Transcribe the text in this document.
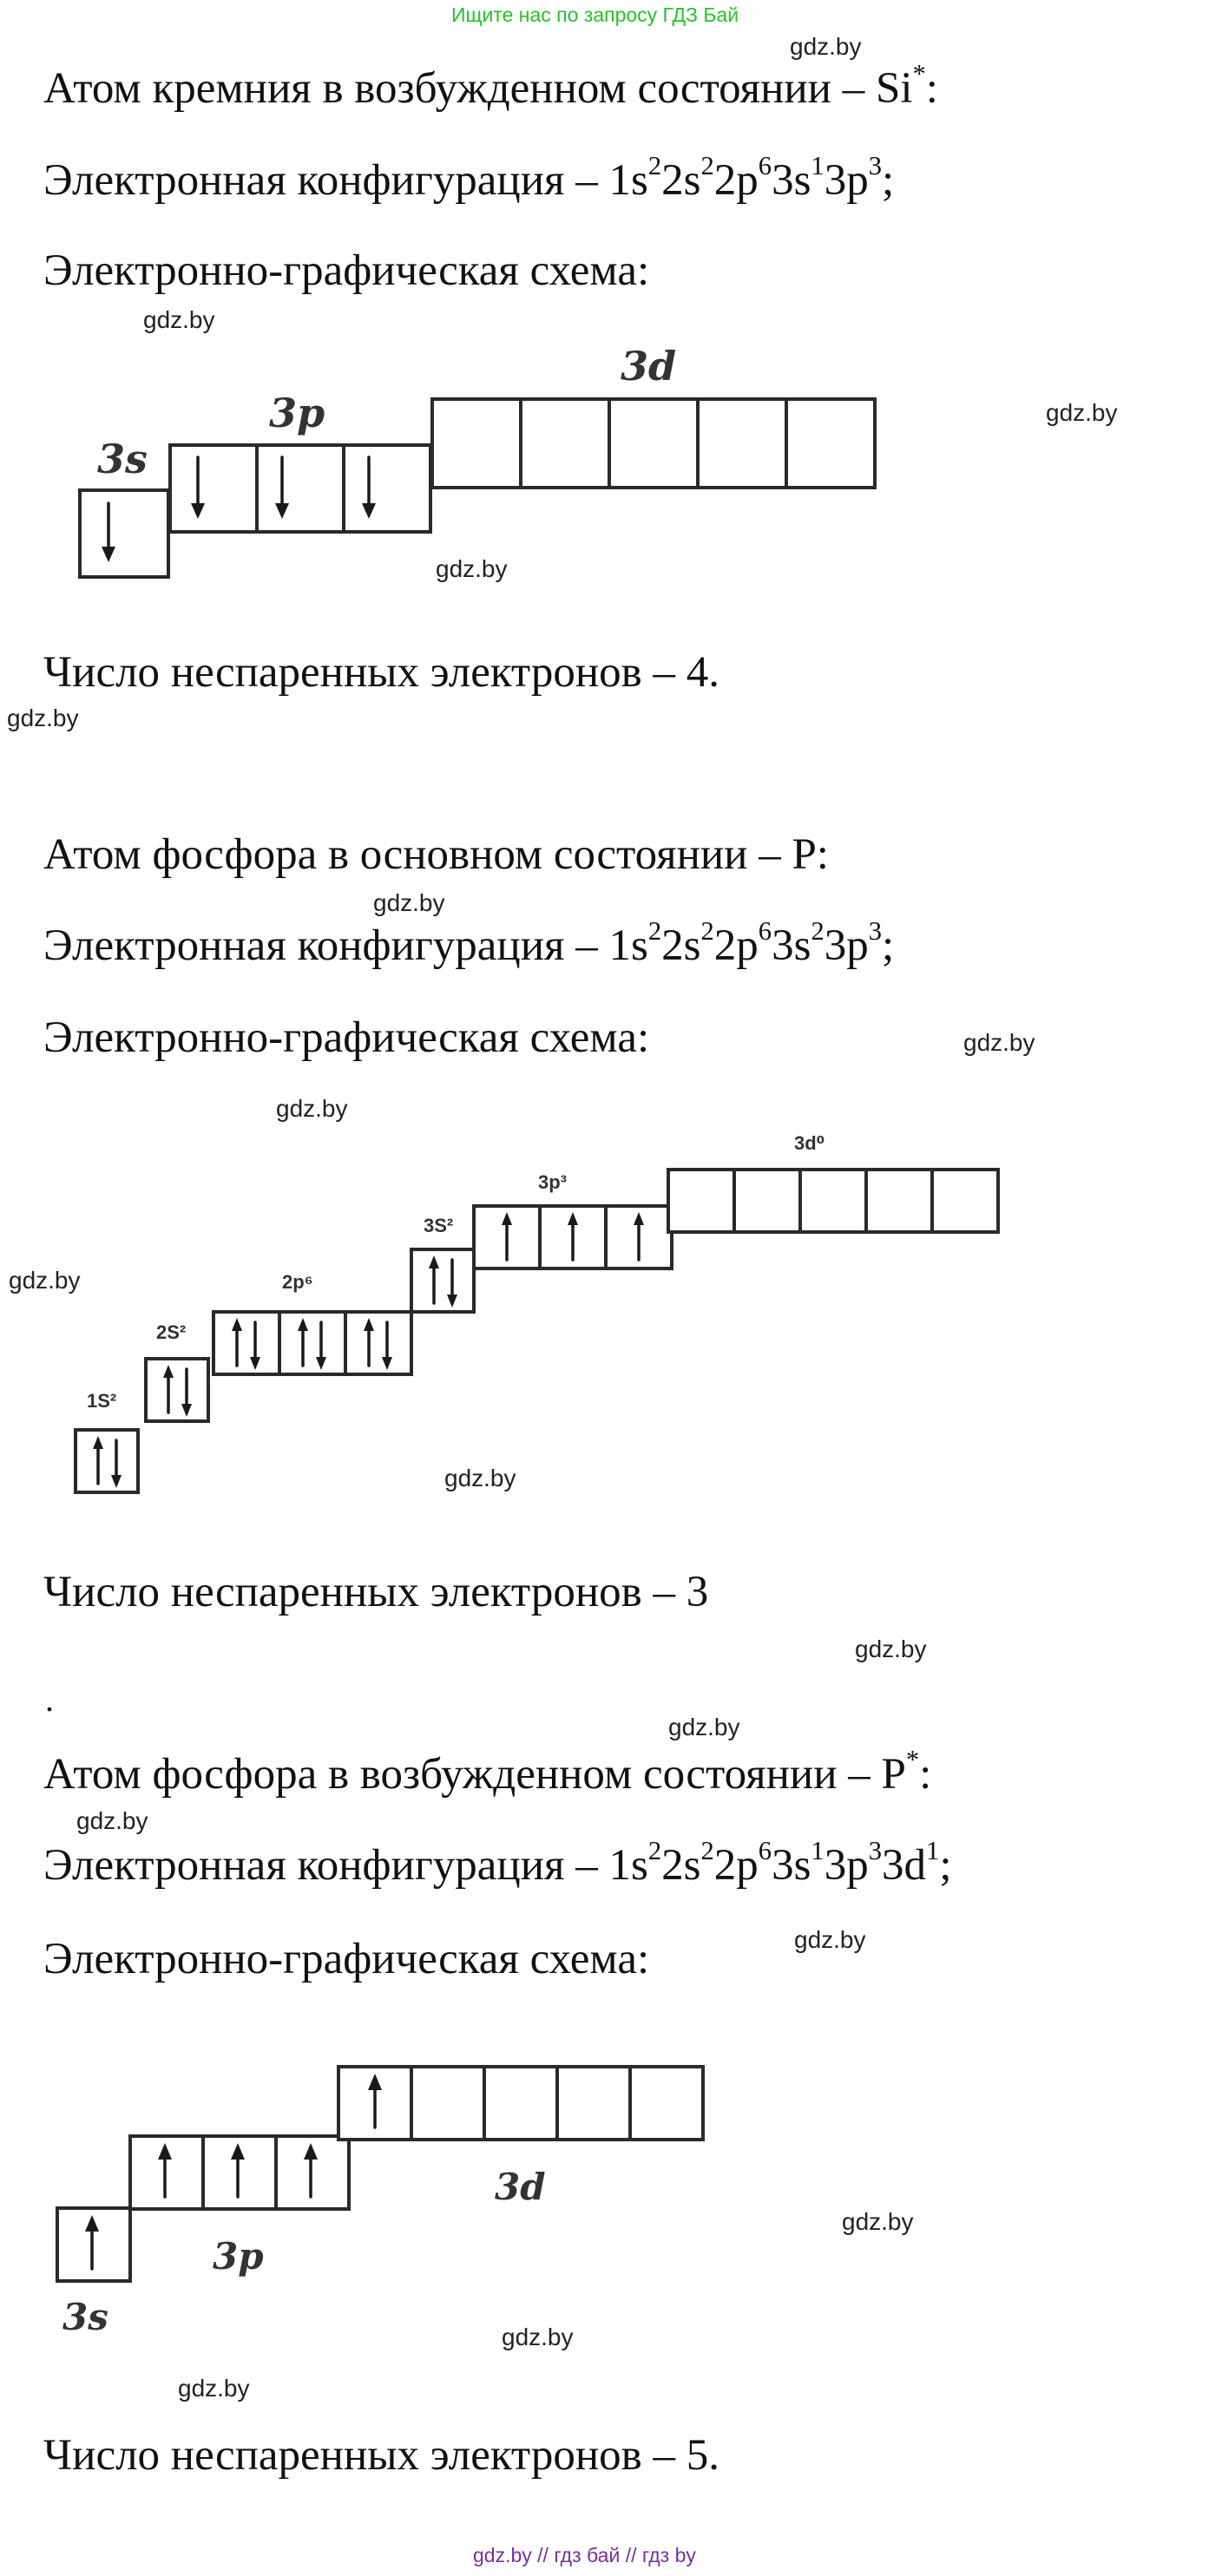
Ищите нас по запросу ГДЗ Бай
gdz.by
gdz.by
gdz.by
gdz.by
gdz.by
gdz.by
gdz.by
gdz.by
gdz.by
gdz.by
gdz.by
gdz.by
gdz.by
gdz.by
gdz.by
gdz.by
gdz.by
Атом кремния в возбужденном состоянии – Si*:
Электронная конфигурация – $1s^22s^22p^63s^13p^3$;
Электронно-графическая схема:
3s
3p
3d
Число неспаренных электронов – 4.
Атом фосфора в основном состоянии – P:
Электронная конфигурация – $1s^22s^22p^63s^23p^3$;
Электронно-графическая схема:
1S²
2S²
2p⁶
3S²
3p³
3d⁰
Число неспаренных электронов – 3
.
Атом фосфора в возбужденном состоянии – P*:
Электронная конфигурация – $1s^22s^22p^63s^13p^33d^1$;
Электронно-графическая схема:
3s
3p
3d
Число неспаренных электронов – 5.
gdz.by // гдз бай // гдз by
